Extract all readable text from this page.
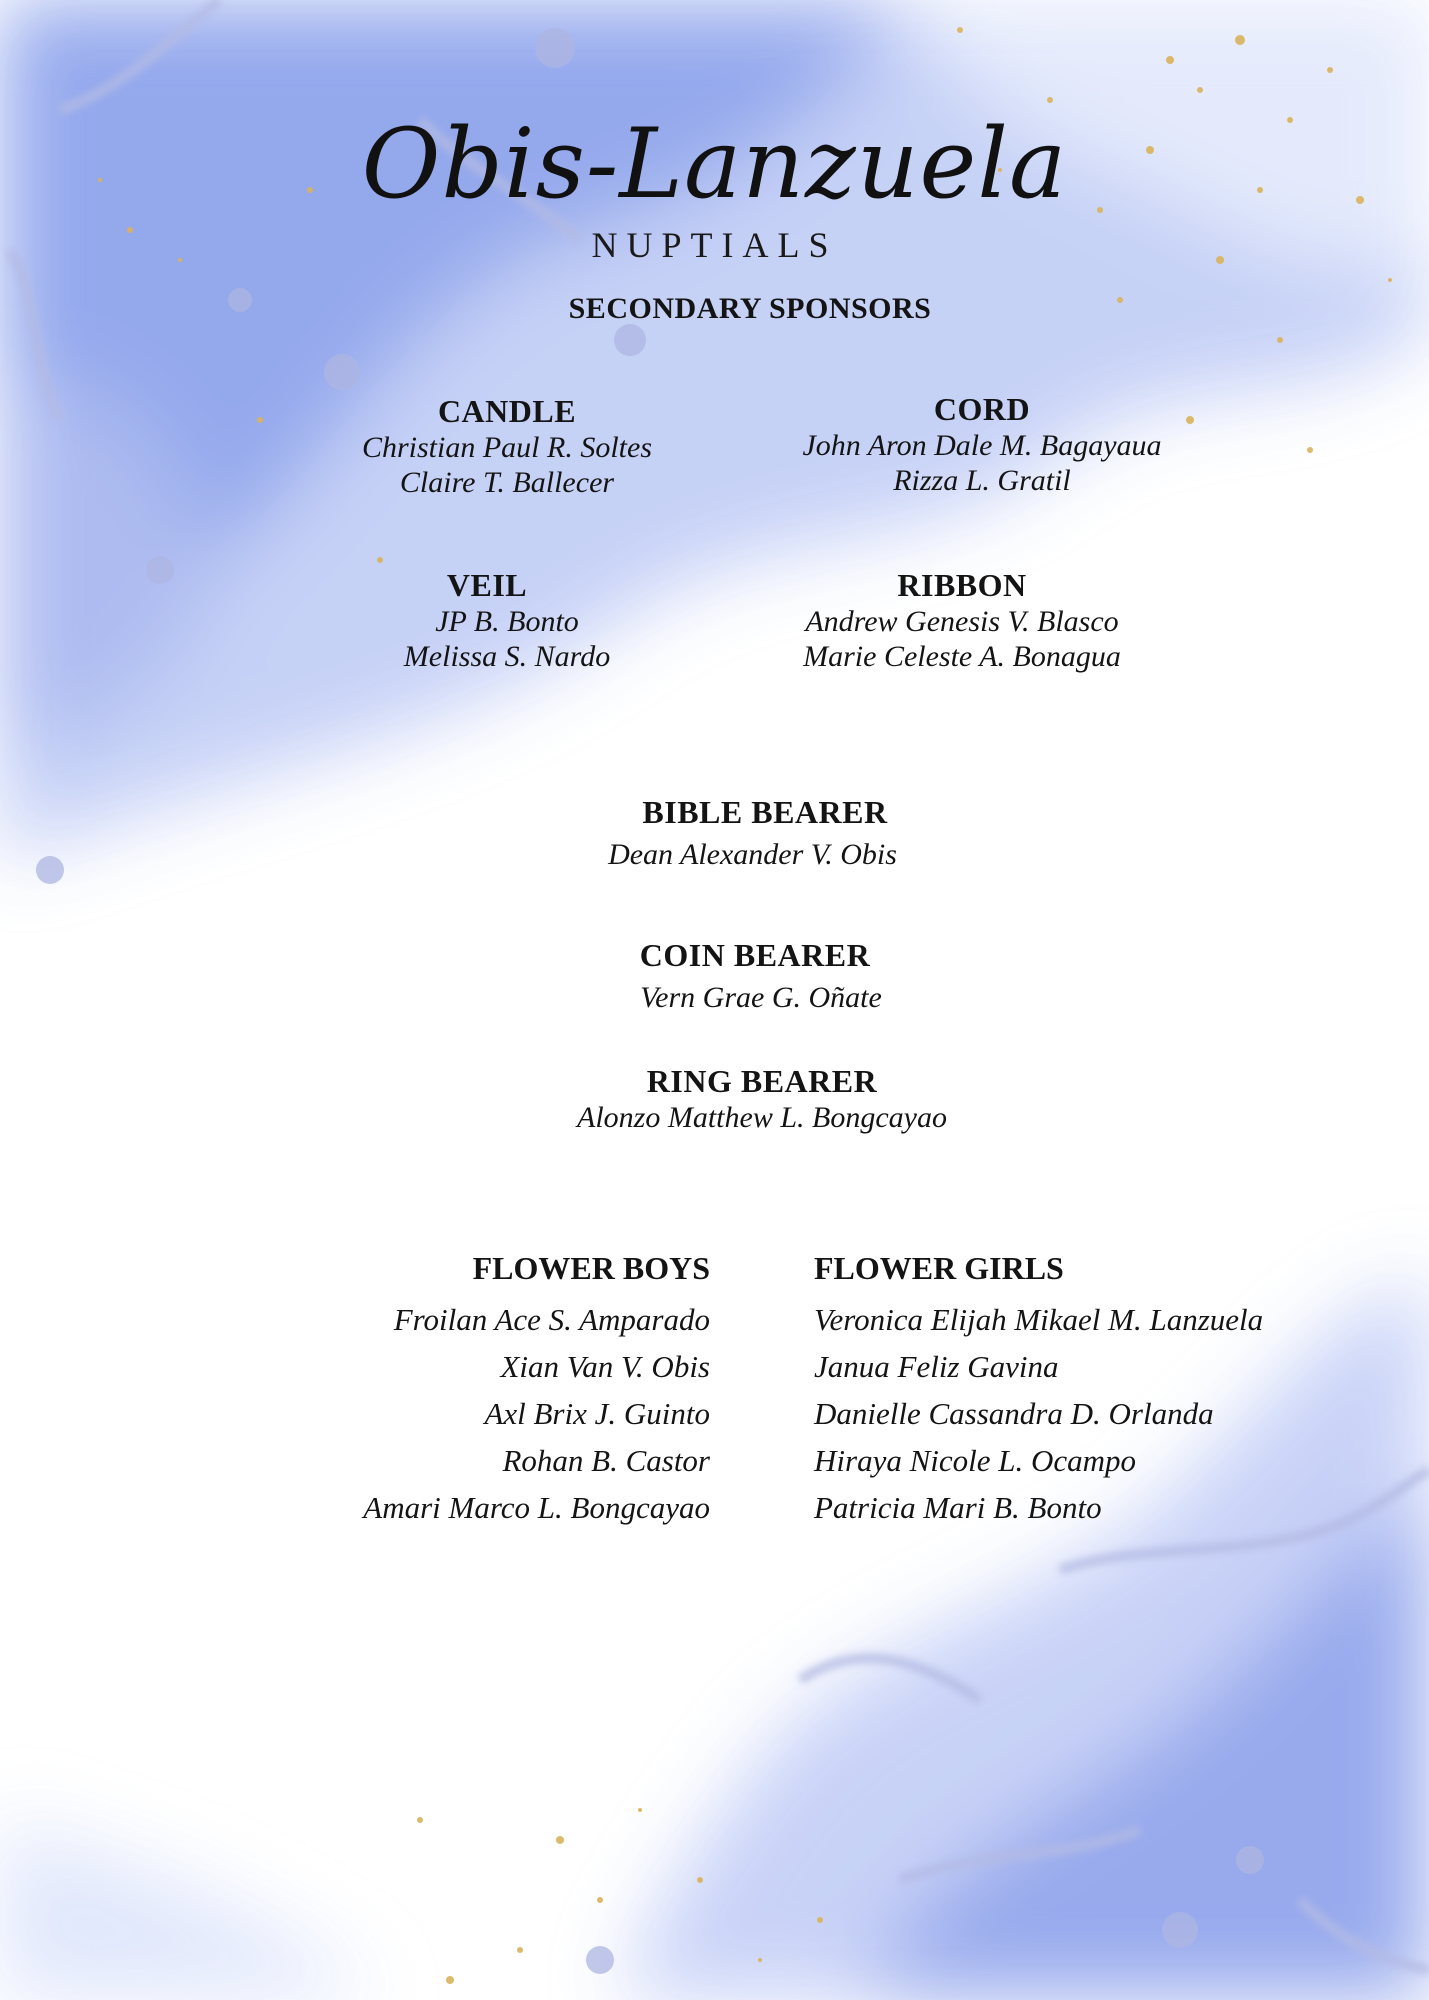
Obis-Lanzuela
NUPTIALS
SECONDARY SPONSORS
CANDLE
Christian Paul R. Soltes
Claire T. Ballecer
CORD
John Aron Dale M. Bagayaua
Rizza L. Gratil
VEIL
JP B. Bonto
Melissa S. Nardo
RIBBON
Andrew Genesis V. Blasco
Marie Celeste A. Bonagua
BIBLE BEARER
Dean Alexander V. Obis
COIN BEARER
Vern Grae G. Oñate
RING BEARER
Alonzo Matthew L. Bongcayao
FLOWER BOYS
Froilan Ace S. Amparado
Xian Van V. Obis
Axl Brix J. Guinto
Rohan B. Castor
Amari Marco L. Bongcayao
FLOWER GIRLS
Veronica Elijah Mikael M. Lanzuela
Janua Feliz Gavina
Danielle Cassandra D. Orlanda
Hiraya Nicole L. Ocampo
Patricia Mari B. Bonto
